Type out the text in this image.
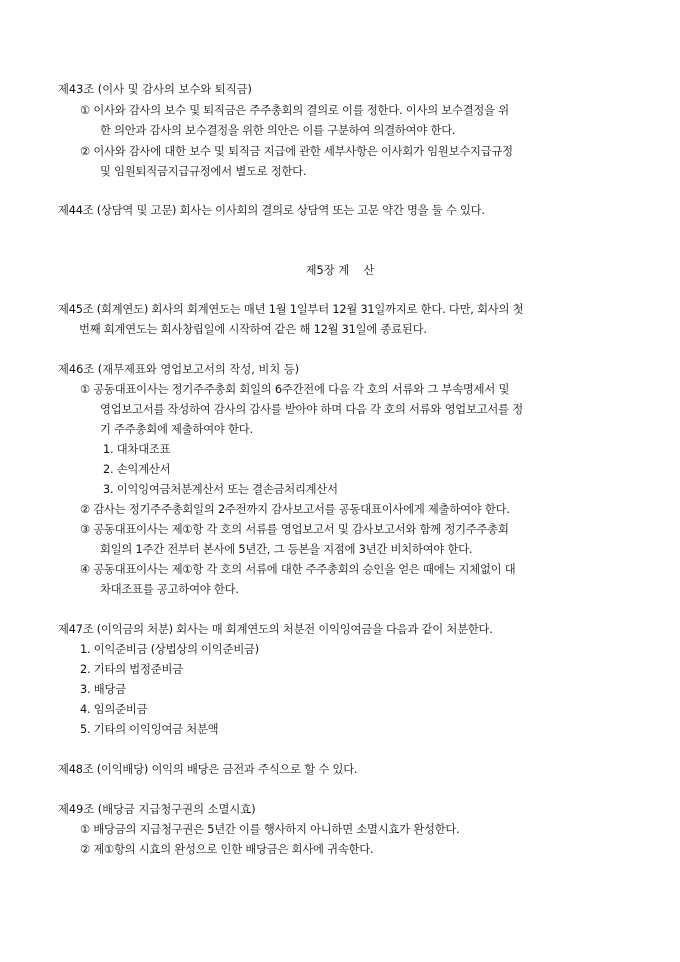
제43조 (이사 및 감사의 보수와 퇴직금)
① 이사와 감사의 보수 및 퇴직금은 주주총회의 결의로 이를 정한다. 이사의 보수결정을 위
한 의안과 감사의 보수결정을 위한 의안은 이를 구분하여 의결하여야 한다.
② 이사와 감사에 대한 보수 및 퇴직금 지급에 관한 세부사항은 이사회가 임원보수지급규정
및 임원퇴직금지급규정에서 별도로 정한다.
제44조 (상담역 및 고문) 회사는 이사회의 결의로 상담역 또는 고문 약간 명을 둘 수 있다.
제5장 계    산
제45조 (회계연도) 회사의 회계연도는 매년 1월 1일부터 12월 31일까지로 한다. 다만, 회사의 첫
번째 회계연도는 회사창립일에 시작하여 같은 해 12월 31일에 종료된다.
제46조 (재무제표와 영업보고서의 작성, 비치 등)
① 공동대표이사는 정기주주총회 회일의 6주간전에 다음 각 호의 서류와 그 부속명세서 및
영업보고서를 작성하여 감사의 감사를 받아야 하며 다음 각 호의 서류와 영업보고서를 정
기 주주총회에 제출하여야 한다.
1. 대차대조표
2. 손익계산서
3. 이익잉여금처분계산서 또는 결손금처리계산서
② 감사는 정기주주총회일의 2주전까지 감사보고서를 공동대표이사에게 제출하여야 한다.
③ 공동대표이사는 제①항 각 호의 서류를 영업보고서 및 감사보고서와 함께 정기주주총회
회일의 1주간 전부터 본사에 5년간, 그 등본을 지점에 3년간 비치하여야 한다.
④ 공동대표이사는 제①항 각 호의 서류에 대한 주주총회의 승인을 얻은 때에는 지체없이 대
차대조표를 공고하여야 한다.
제47조 (이익금의 처분) 회사는 매 회계연도의 처분전 이익잉여금을 다음과 같이 처분한다.
1. 이익준비금 (상법상의 이익준비금)
2. 기타의 법정준비금
3. 배당금
4. 임의준비금
5. 기타의 이익잉여금 처분액
제48조 (이익배당) 이익의 배당은 금전과 주식으로 할 수 있다.
제49조 (배당금 지급청구권의 소멸시효)
① 배당금의 지급청구권은 5년간 이를 행사하지 아니하면 소멸시효가 완성한다.
② 제①항의 시효의 완성으로 인한 배당금은 회사에 귀속한다.
